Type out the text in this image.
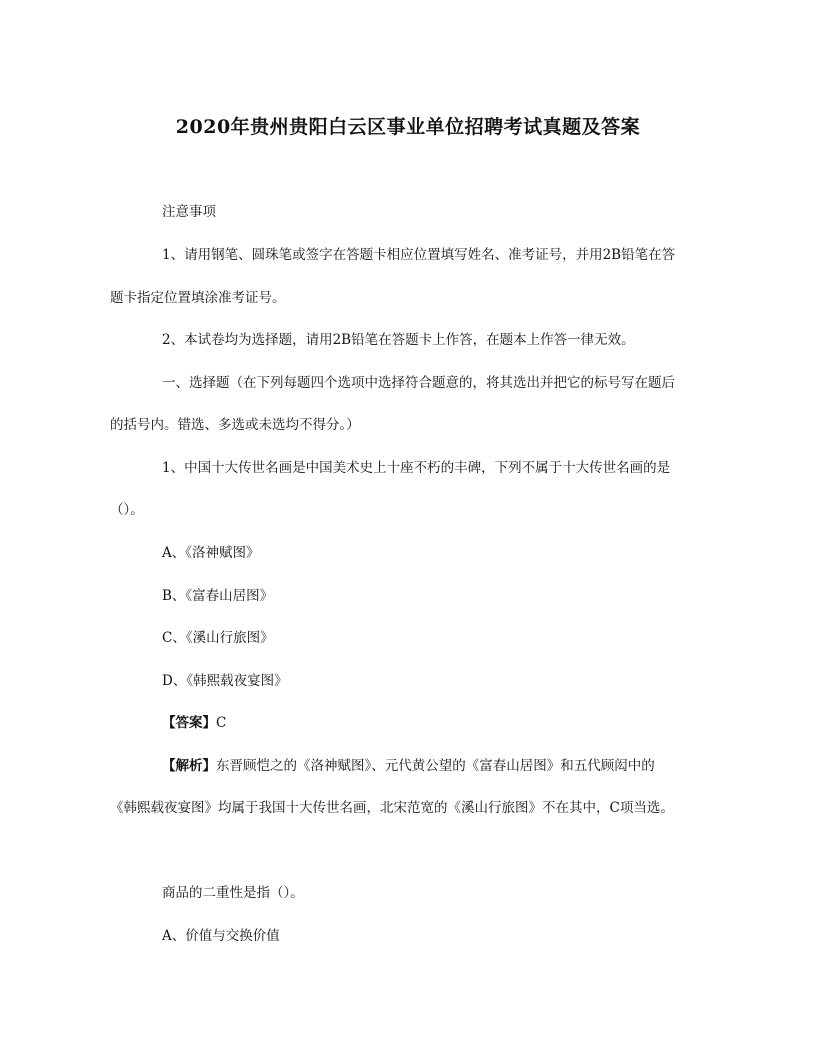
2020年贵州贵阳白云区事业单位招聘考试真题及答案

注意事项

1、请用钢笔、圆珠笔或签字在答题卡相应位置填写姓名、准考证号，并用2B铅笔在答

题卡指定位置填涂准考证号。

2、本试卷均为选择题，请用2B铅笔在答题卡上作答，在题本上作答一律无效。

一、选择题（在下列每题四个选项中选择符合题意的，将其选出并把它的标号写在题后

的括号内。错选、多选或未选均不得分。）

1、中国十大传世名画是中国美术史上十座不朽的丰碑，下列不属于十大传世名画的是

（）。

A、《洛神赋图》

B、《富春山居图》

C、《溪山行旅图》

D、《韩熙载夜宴图》

【答案】C

【解析】东晋顾恺之的《洛神赋图》、元代黄公望的《富春山居图》和五代顾闳中的

《韩熙载夜宴图》均属于我国十大传世名画，北宋范宽的《溪山行旅图》不在其中，C项当选。

商品的二重性是指（）。

A、价值与交换价值
